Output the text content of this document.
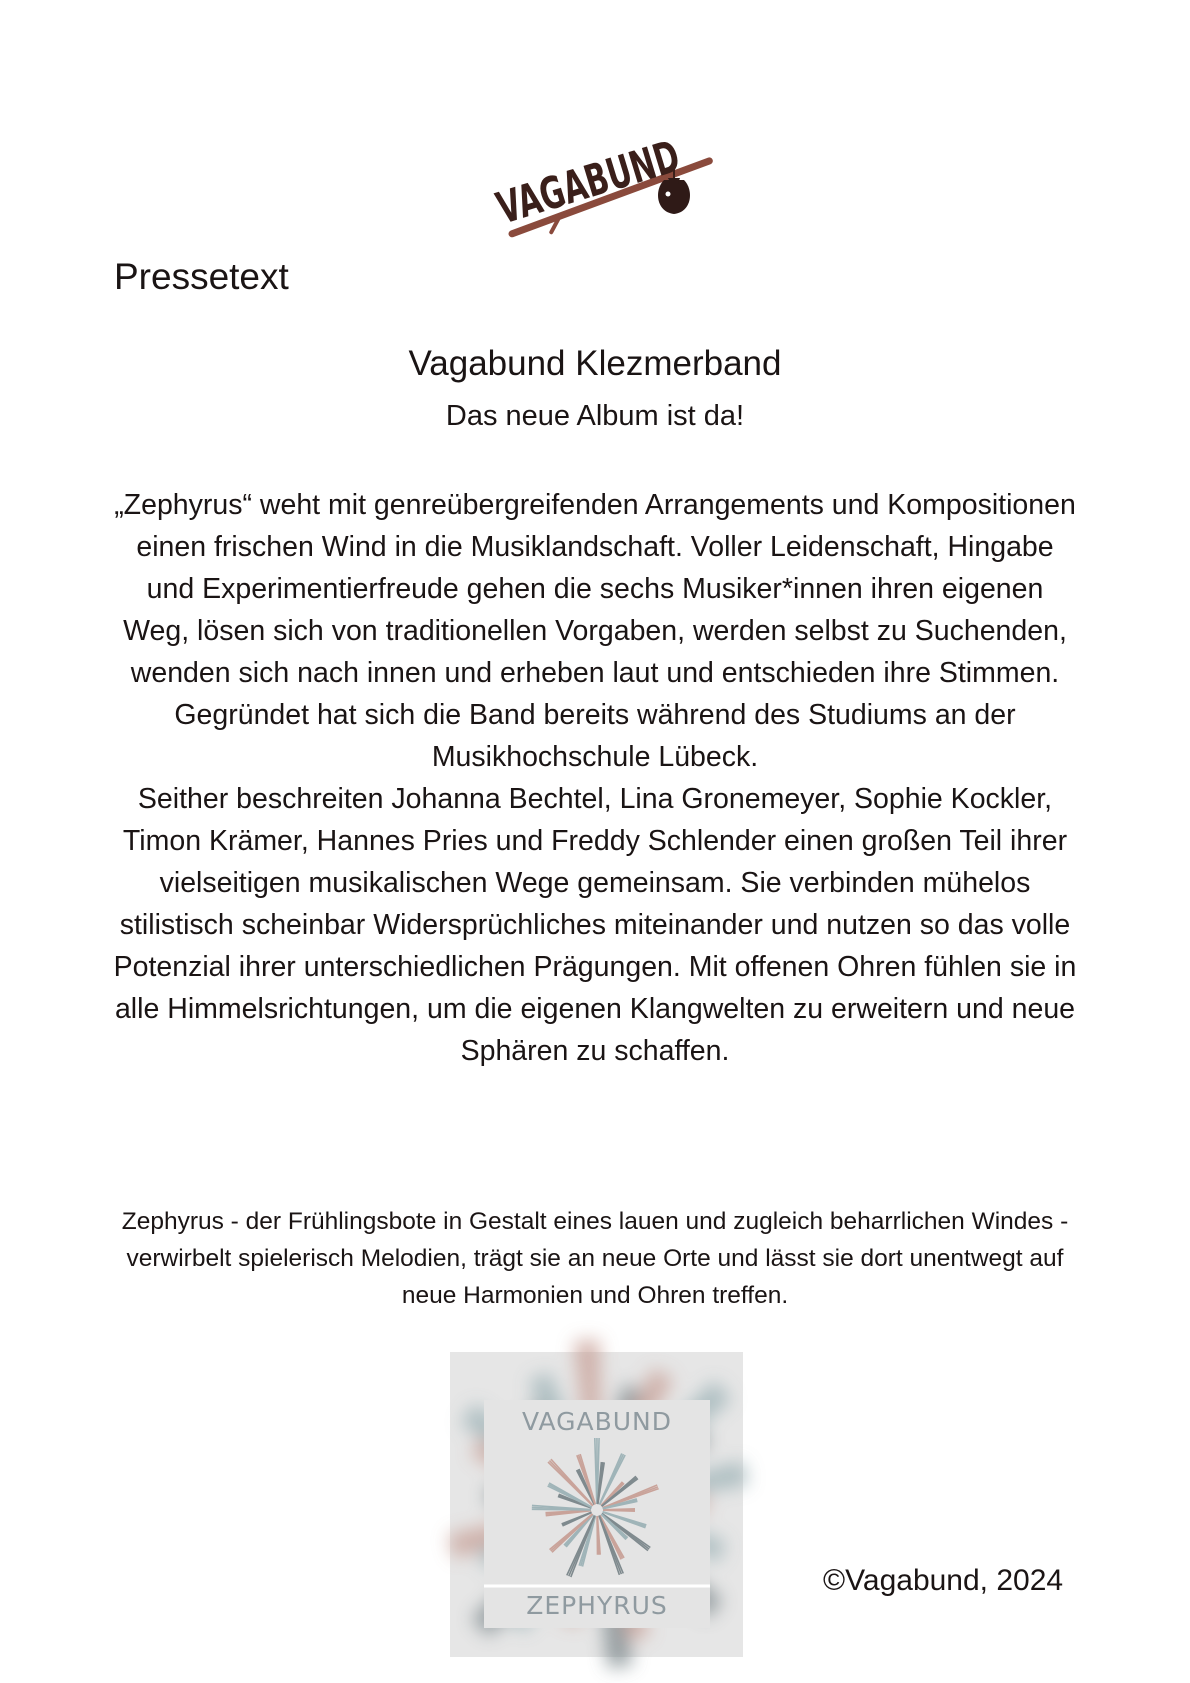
VAGABUND
Pressetext
Vagabund Klezmerband

Das neue Album ist da!

„Zephyrus“ weht mit genreübergreifenden Arrangements und Kompositionen einen frischen Wind in die Musiklandschaft. Voller Leidenschaft, Hingabe und Experimentierfreude gehen die sechs Musiker*innen ihren eigenen Weg, lösen sich von traditionellen Vorgaben, werden selbst zu Suchenden, wenden sich nach innen und erheben laut und entschieden ihre Stimmen.

Gegründet hat sich die Band bereits während des Studiums an der Musikhochschule Lübeck.

Seither beschreiten Johanna Bechtel, Lina Gronemeyer, Sophie Kockler, Timon Krämer, Hannes Pries und Freddy Schlender einen großen Teil ihrer vielseitigen musikalischen Wege gemeinsam. Sie verbinden mühelos stilistisch scheinbar Widersprüchliches miteinander und nutzen so das volle Potenzial ihrer unterschiedlichen Prägungen. Mit offenen Ohren fühlen sie in alle Himmelsrichtungen, um die eigenen Klangwelten zu erweitern und neue Sphären zu schaffen.

Zephyrus - der Frühlingsbote in Gestalt eines lauen und zugleich beharrlichen Windes - verwirbelt spielerisch Melodien, trägt sie an neue Orte und lässt sie dort unentwegt auf neue Harmonien und Ohren treffen.

VAGABUND
ZEPHYRUS

©Vagabund, 2024
